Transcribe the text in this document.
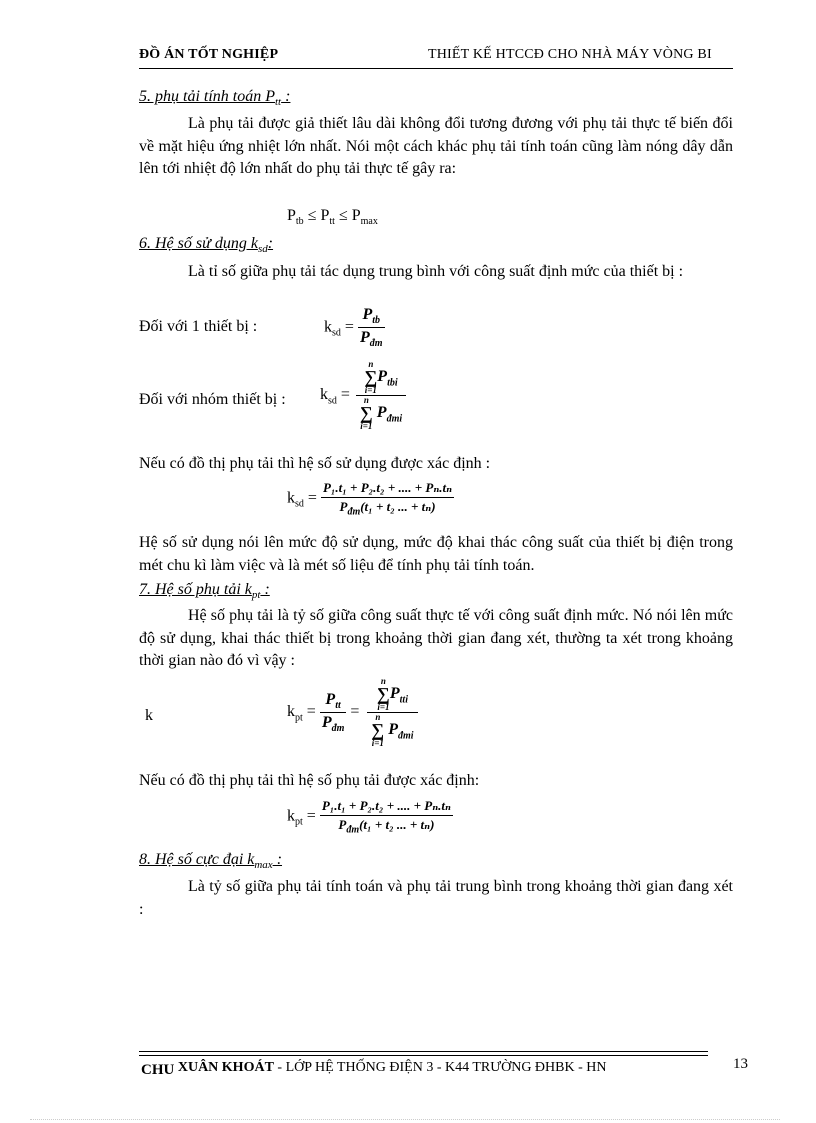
ĐỒ ÁN TỐT NGHIỆP	THIẾT KẾ HTCCĐ CHO NHÀ MÁY VÒNG BI
5. phụ tải tính toán $P_{tt}$ :
Là phụ tải được giả thiết lâu dài không đổi tương đương với phụ tải thực tế biến đổi về mặt hiệu ứng nhiệt lớn nhất. Nói một cách khác phụ tải tính toán cũng làm nóng dây dẫn lên tới nhiệt độ lớn nhất do phụ tải thực tế gây ra:
$P_{tb} \le P_{tt} \le P_{max}$
6. Hệ số sử dụng $k_{sd}$:
Là tỉ số giữa phụ tải tác dụng trung bình với công suất định mức của thiết bị :
Đối với 1 thiết bị :	$k_{sd} = \frac{P_{tb}}{P_{đm}}$
Đối với nhóm thiết bị : $k_{sd} = n$
∑
$i=1P_{tbi}$
n
∑
i=1 $P_{đmi}$
Nếu có đồ thị phụ tải thì hệ số sử dụng được xác định :
$k_{sd} = \frac{\text{P₁.t₁ + P₂.t₂ + .... + Pₙ.tₙ}}{P_{đm}(t_1 + t_2 ... + t_n)}$
Hệ số sử dụng nói lên mức độ sử dụng, mức độ khai thác công suất của thiết bị điện trong mét chu kì làm việc và là mét số liệu để tính phụ tải tính toán.
7. Hệ số phụ tải $k_{pt}$ :
Hệ số phụ tải là tỷ số giữa công suất thực tế với công suất định mức. Nó nói lên mức độ sử dụng, khai thác thiết bị trong khoảng thời gian đang xét, thường ta xét trong khoảng thời gian nào đó vì vậy :
k	$k_{pt} = \frac{P_{tt}}{P_{đm}} = n$
∑
$i=1P_{tti}$
n
∑
i=1 $P_{đmi}$
Nếu có đồ thị phụ tải thì hệ số phụ tải được xác định:
$k_{pt} = \frac{\text{P₁.t₁ + P₂.t₂ + .... + Pₙ.tₙ}}{P_{đm}(t_1 + t_2 ... + t_n)}$
8. Hệ số cực đại $k_{max}$ :
Là tỷ số giữa phụ tải tính toán và phụ tải trung bình trong khoảng thời gian đang xét :
CHU XUÂN KHOÁT - LỚP HỆ THỐNG ĐIỆN 3 - K44 TRƯỜNG ĐHBK - HN	13
